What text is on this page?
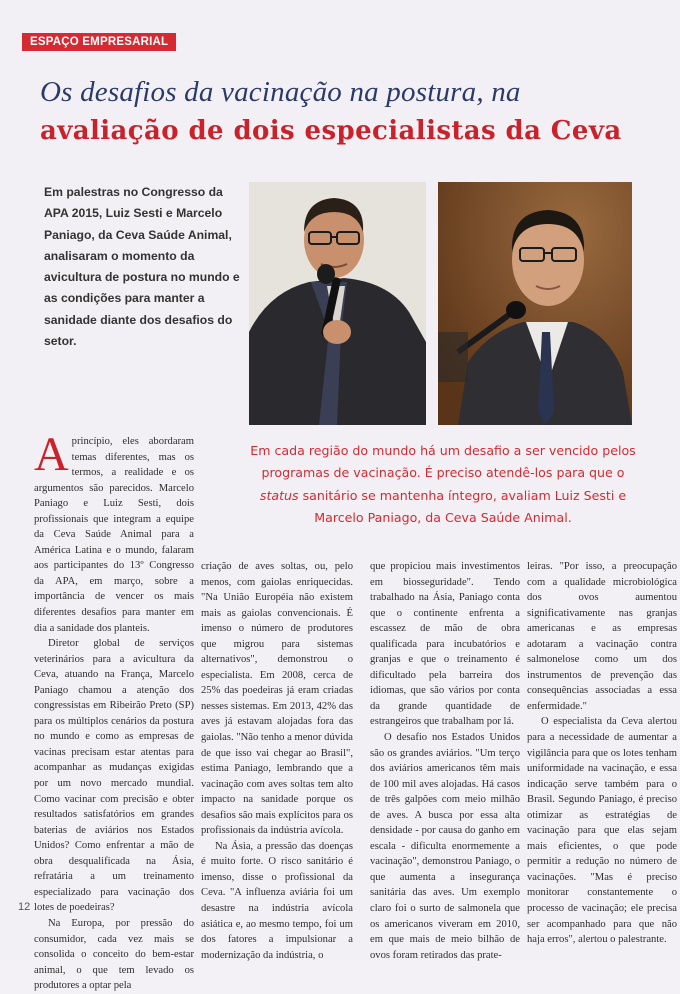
ESPAÇO EMPRESARIAL
Os desafios da vacinação na postura, na
avaliação de dois especialistas da Ceva
Em palestras no Congresso da APA 2015, Luiz Sesti e Marcelo Paniago, da Ceva Saúde Animal, analisaram o momento da avicultura de postura no mundo e as condições para manter a sanidade diante dos desafios do setor.
Em cada região do mundo há um desafio a ser vencido pelos programas de vacinação. É preciso atendê-los para que o status sanitário se mantenha íntegro, avaliam Luiz Sesti e Marcelo Paniago, da Ceva Saúde Animal.
A princípio, eles abordaram temas diferentes, mas os termos, a realidade e os argumentos são parecidos. Marcelo Paniago e Luiz Sesti, dois profissionais que integram a equipe da Ceva Saúde Animal para a América Latina e o mundo, falaram aos participantes do 13º Congresso da APA, em março, sobre a importância de vencer os mais diferentes desafios para manter em dia a sanidade dos planteis.

Diretor global de serviços veterinários para a avicultura da Ceva, atuando na França, Marcelo Paniago chamou a atenção dos congressistas em Ribeirão Preto (SP) para os múltiplos cenários da postura no mundo e como as empresas de vacinas precisam estar atentas para acompanhar as mudanças exigidas por um novo mercado mundial. Como vacinar com precisão e obter resultados satisfatórios em grandes baterias de aviários nos Estados Unidos? Como enfrentar a mão de obra desqualificada na Ásia, refratária a um treinamento especializado para vacinação dos lotes de poedeiras?

Na Europa, por pressão do consumidor, cada vez mais se consolida o conceito do bem-estar animal, o que tem levado os produtores a optar pela

criação de aves soltas, ou, pelo menos, com gaiolas enriquecidas. "Na União Européia não existem mais as gaiolas convencionais. É imenso o número de produtores que migrou para sistemas alternativos", demonstrou o especialista. Em 2008, cerca de 25% das poedeiras já eram criadas nesses sistemas. Em 2013, 42% das aves já estavam alojadas fora das gaiolas. "Não tenho a menor dúvida de que isso vai chegar ao Brasil", estima Paniago, lembrando que a vacinação com aves soltas tem alto impacto na sanidade porque os desafios são mais explícitos para os profissionais da indústria avícola.

Na Ásia, a pressão das doenças é muito forte. O risco sanitário é imenso, disse o profissional da Ceva. "A influenza aviária foi um desastre na indústria avícola asiática e, ao mesmo tempo, foi um dos fatores a impulsionar a modernização da indústria, o

que propiciou mais investimentos em biosseguridade". Tendo trabalhado na Ásia, Paniago conta que o continente enfrenta a escassez de mão de obra qualificada para incubatórios e granjas e que o treinamento é dificultado pela barreira dos idiomas, que são vários por conta da grande quantidade de estrangeiros que trabalham por lá.

O desafio nos Estados Unidos são os grandes aviários. "Um terço dos aviários americanos têm mais de 100 mil aves alojadas. Há casos de três galpões com meio milhão de aves. A busca por essa alta densidade - por causa do ganho em escala - dificulta enormemente a vacinação", demonstrou Paniago, o que aumenta a insegurança sanitária das aves. Um exemplo claro foi o surto de salmonela que os americanos viveram em 2010, em que mais de meio bilhão de ovos foram retirados das prate-

leiras. "Por isso, a preocupação com a qualidade microbiológica dos ovos aumentou significativamente nas granjas americanas e as empresas adotaram a vacinação contra salmonelose como um dos instrumentos de prevenção das consequências associadas a essa enfermidade."

O especialista da Ceva alertou para a necessidade de aumentar a vigilância para que os lotes tenham uniformidade na vacinação, e essa indicação serve também para o Brasil. Segundo Paniago, é preciso otimizar as estratégias de vacinação para que elas sejam mais eficientes, o que pode permitir a redução no número de vacinações. "Mas é preciso monitorar constantemente o processo de vacinação; ele precisa ser acompanhado para que não haja erros", alertou o palestrante.

12
